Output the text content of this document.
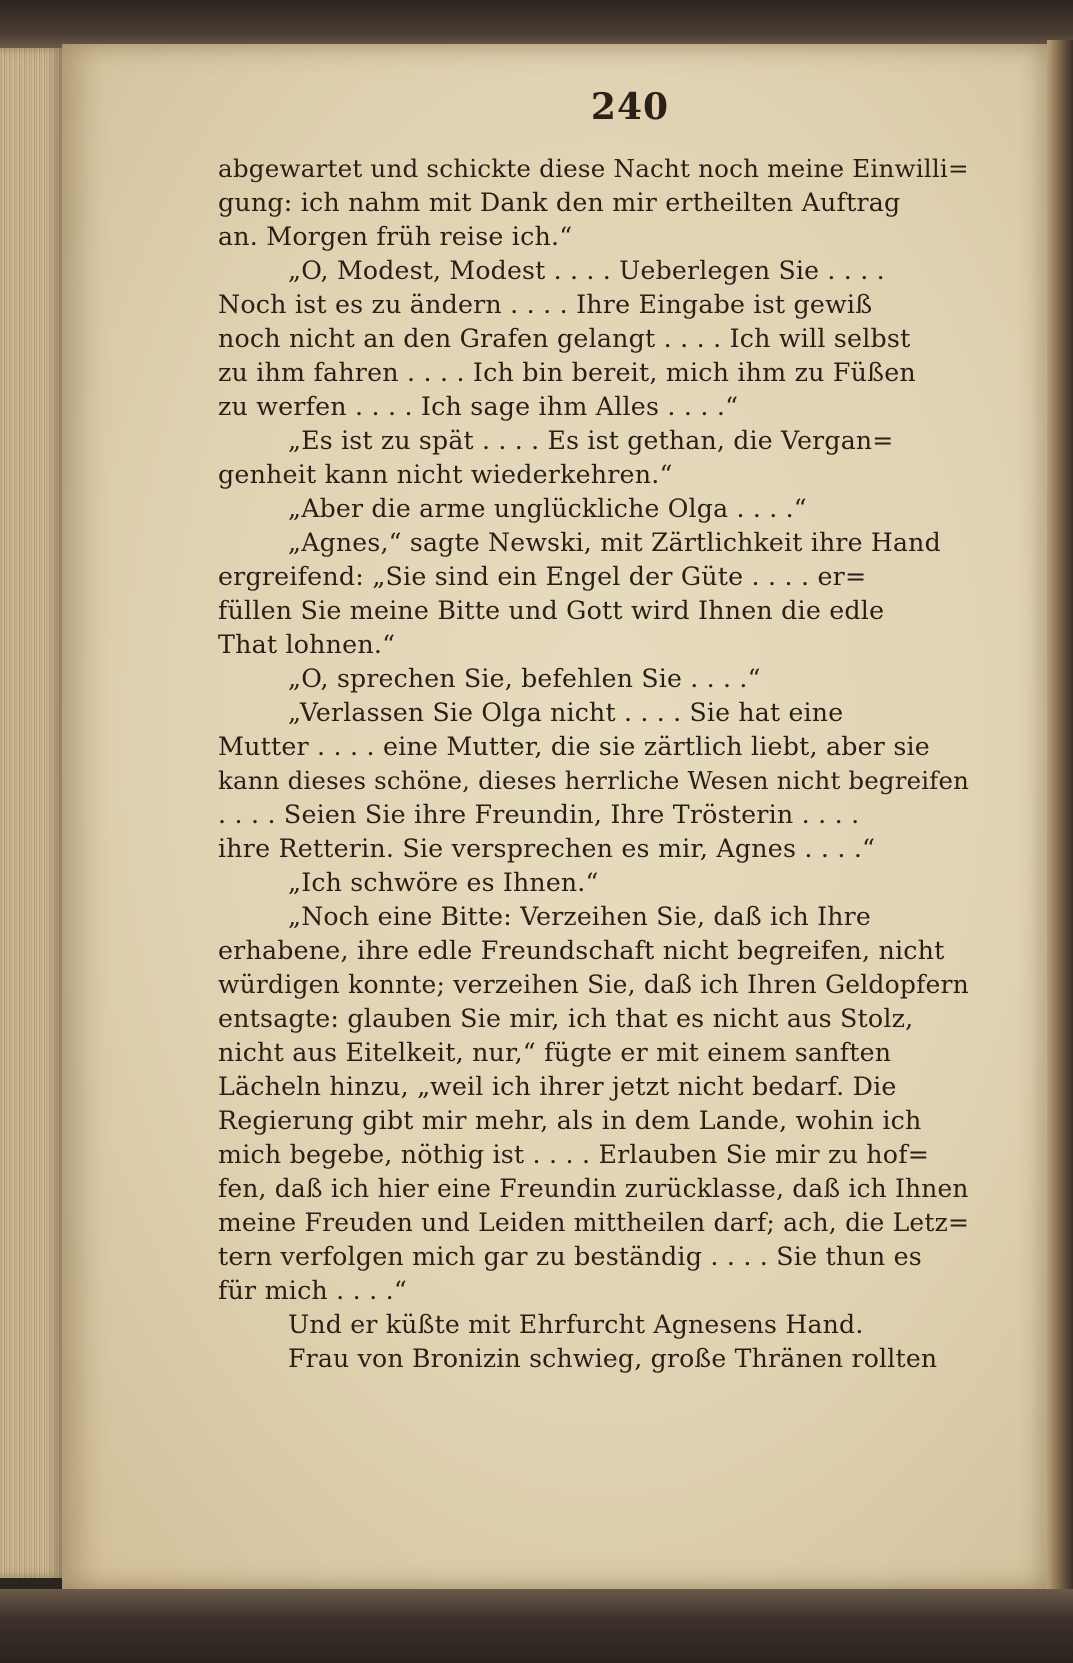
240
abgewartet und schickte diese Nacht noch meine Einwilli=
gung: ich nahm mit Dank den mir ertheilten Auftrag
an. Morgen früh reise ich.“
„O, Modest, Modest . . . . Ueberlegen Sie . . . .
Noch ist es zu ändern . . . . Ihre Eingabe ist gewiß
noch nicht an den Grafen gelangt . . . . Ich will selbst
zu ihm fahren . . . . Ich bin bereit, mich ihm zu Füßen
zu werfen . . . . Ich sage ihm Alles . . . .“
„Es ist zu spät . . . . Es ist gethan, die Vergan=
genheit kann nicht wiederkehren.“
„Aber die arme unglückliche Olga . . . .“
„Agnes,“ sagte Newski, mit Zärtlichkeit ihre Hand
ergreifend: „Sie sind ein Engel der Güte . . . . er=
füllen Sie meine Bitte und Gott wird Ihnen die edle
That lohnen.“
„O, sprechen Sie, befehlen Sie . . . .“
„Verlassen Sie Olga nicht . . . . Sie hat eine
Mutter . . . . eine Mutter, die sie zärtlich liebt, aber sie
kann dieses schöne, dieses herrliche Wesen nicht begreifen
. . . . Seien Sie ihre Freundin, Ihre Trösterin . . . .
ihre Retterin. Sie versprechen es mir, Agnes . . . .“
„Ich schwöre es Ihnen.“
„Noch eine Bitte: Verzeihen Sie, daß ich Ihre
erhabene, ihre edle Freundschaft nicht begreifen, nicht
würdigen konnte; verzeihen Sie, daß ich Ihren Geldopfern
entsagte: glauben Sie mir, ich that es nicht aus Stolz,
nicht aus Eitelkeit, nur,“ fügte er mit einem sanften
Lächeln hinzu, „weil ich ihrer jetzt nicht bedarf. Die
Regierung gibt mir mehr, als in dem Lande, wohin ich
mich begebe, nöthig ist . . . . Erlauben Sie mir zu hof=
fen, daß ich hier eine Freundin zurücklasse, daß ich Ihnen
meine Freuden und Leiden mittheilen darf; ach, die Letz=
tern verfolgen mich gar zu beständig . . . . Sie thun es
für mich . . . .“
Und er küßte mit Ehrfurcht Agnesens Hand.
Frau von Bronizin schwieg, große Thränen rollten
